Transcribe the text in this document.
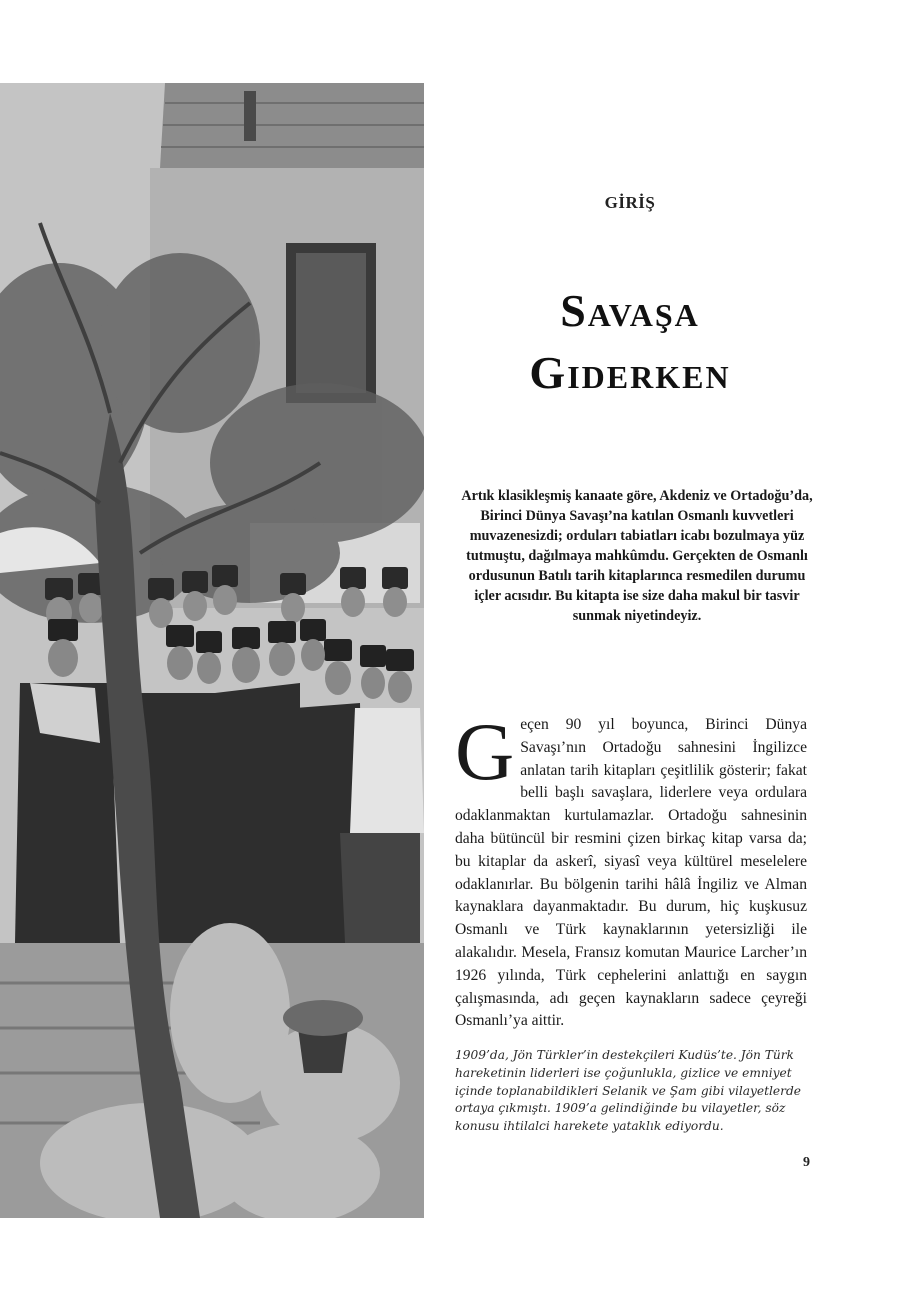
GİRİŞ
Savaşa
Giderken
Artık klasikleşmiş kanaate göre, Akdeniz ve Ortadoğu’da, Birinci Dünya Savaşı’na katılan Osmanlı kuvvetleri muvazenesizdi; orduları tabiatları icabı bozulmaya yüz tutmuştu, dağılmaya mahkûmdu. Gerçekten de Osmanlı ordusunun Batılı tarih kitaplarınca resmedilen durumu içler acısıdır. Bu kitapta ise size daha makul bir tasvir sunmak niyetindeyiz.
Geçen 90 yıl boyunca, Birinci Dünya Savaşı’nın Ortadoğu sahnesini İngilizce anlatan tarih kitapları çeşitlilik gösterir; fakat belli başlı savaşlara, liderlere veya ordulara odaklanmaktan kurtulamazlar. Ortadoğu sahnesinin daha bütüncül bir resmini çizen birkaç kitap varsa da; bu kitaplar da askerî, siyasî veya kültürel meselelere odaklanırlar. Bu bölgenin tarihi hâlâ İngiliz ve Alman kaynaklara dayanmaktadır. Bu durum, hiç kuşkusuz Osmanlı ve Türk kaynaklarının yetersizliği ile alakalıdır. Mesela, Fransız komutan Maurice Larcher’ın 1926 yılında, Türk cephelerini anlattığı en saygın çalışmasında, adı geçen kaynakların sadece çeyreği Osmanlı’ya aittir.
1909’da, Jön Türkler’in destekçileri Kudüs’te. Jön Türk hareketinin liderleri ise çoğunlukla, gizlice ve emniyet içinde toplanabildikleri Selanik ve Şam gibi vilayetlerde ortaya çıkmıştı. 1909’a gelindiğinde bu vilayetler, söz konusu ihtilalci harekete yataklık ediyordu.
9
